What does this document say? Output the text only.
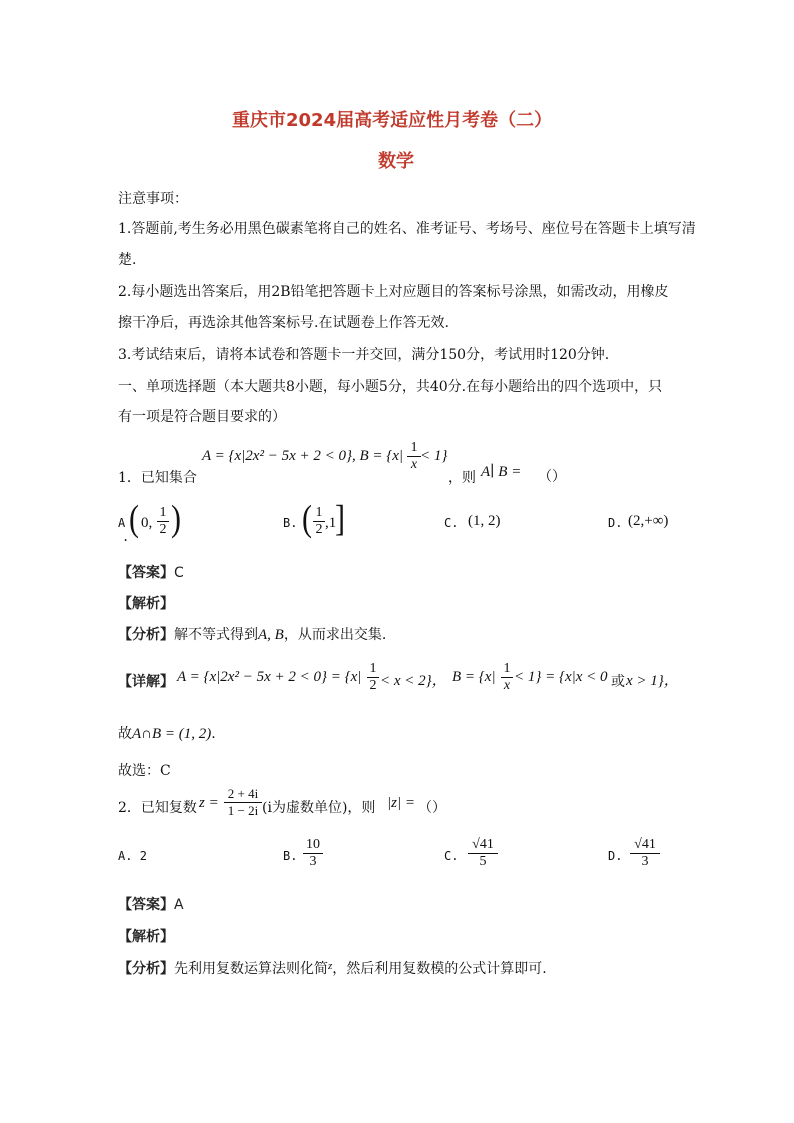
重庆市2024届高考适应性月考卷（二）
数学
注意事项：
1.答题前,考生务必用黑色碳素笔将自己的姓名、准考证号、考场号、座位号在答题卡上填写清
楚.
2.每小题选出答案后，用2B铅笔把答题卡上对应题目的答案标号涂黑，如需改动，用橡皮
擦干净后，再选涂其他答案标号.在试题卷上作答无效.
3.考试结束后，请将本试卷和答题卡一并交回，满分150分，考试用时120分钟.
一、单项选择题（本大题共8小题，每小题5分，共40分.在每小题给出的四个选项中，只
有一项是符合题目要求的）
1．已知集合
A = {x|2x² − 5x + 2 < 0}, $B = \{x| \frac{1}{x} < 1\}$
，则 A∣ B = （）
A
. ( 0, $\frac{1}{2}$ )	B. ( $\frac{1}{2} ,1$
]	C. (1, 2)	D. (2,+∞)
【答案】C
【解析】
【分析】解不等式得到A, B，从而求出交集.
【详解】 $A = \{x|2x^2 - 5x + 2 < 0\} = \{x| \frac{1}{2} < x < 2\}$， $B = \{x| \frac{1}{x} < 1\} = \{x|x < 0$ 或 x > 1}，
故A∩B = (1, 2).
故选：C
2．已知复数 $z = \frac{2 + 4i}{1 - 2i} (i$为虚数单位)，则 |z| = （）
A. 2	B. $\frac{10}{3}$	C. $\frac{√41}{5}$	D. $\frac{√41}{3}$
【答案】A
【解析】
【分析】先利用复数运算法则化简$^z$，然后利用复数模的公式计算即可.
